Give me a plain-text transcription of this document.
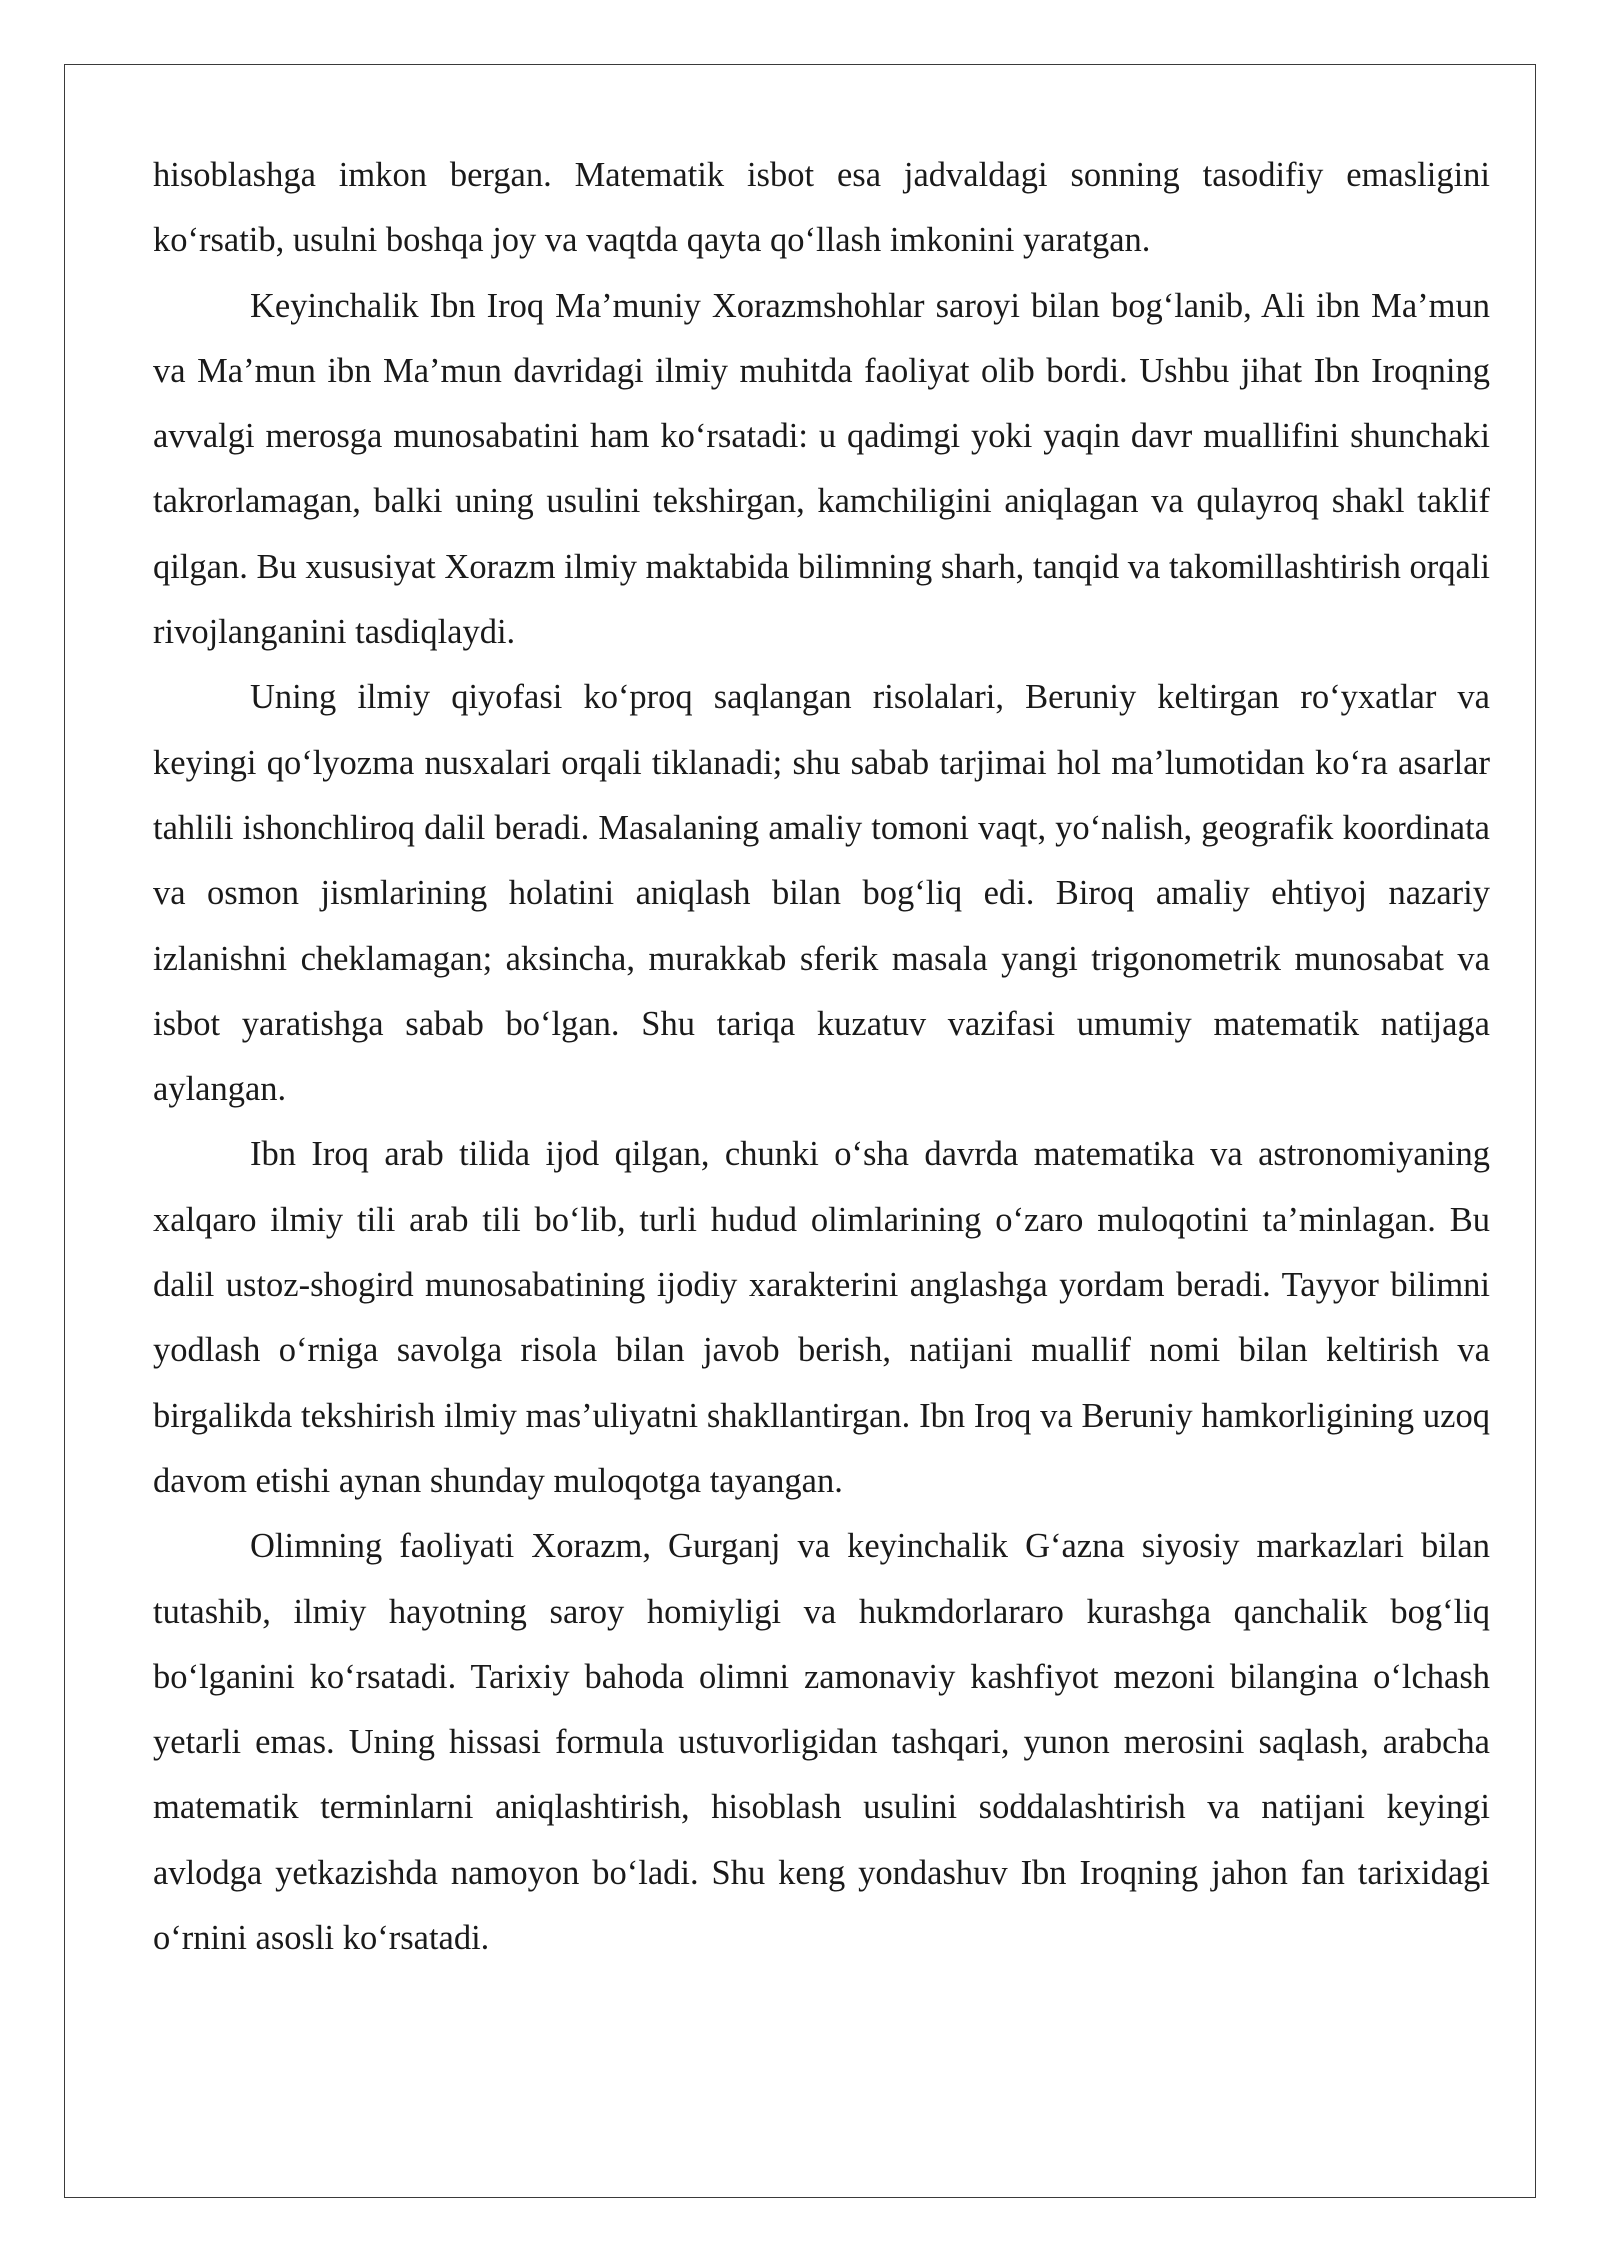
hisoblashga imkon bergan. Matematik isbot esa jadvaldagi sonning tasodifiy emasligini ko‘rsatib, usulni boshqa joy va vaqtda qayta qo‘llash imkonini yaratgan.

Keyinchalik Ibn Iroq Ma’muniy Xorazmshohlar saroyi bilan bog‘lanib, Ali ibn Ma’mun va Ma’mun ibn Ma’mun davridagi ilmiy muhitda faoliyat olib bordi. Ushbu jihat Ibn Iroqning avvalgi merosga munosabatini ham ko‘rsatadi: u qadimgi yoki yaqin davr muallifini shunchaki takrorlamagan, balki uning usulini tekshirgan, kamchiligini aniqlagan va qulayroq shakl taklif qilgan. Bu xususiyat Xorazm ilmiy maktabida bilimning sharh, tanqid va takomillashtirish orqali rivojlanganini tasdiqlaydi.

Uning ilmiy qiyofasi ko‘proq saqlangan risolalari, Beruniy keltirgan ro‘yxatlar va keyingi qo‘lyozma nusxalari orqali tiklanadi; shu sabab tarjimai hol ma’lumotidan ko‘ra asarlar tahlili ishonchliroq dalil beradi. Masalaning amaliy tomoni vaqt, yo‘nalish, geografik koordinata va osmon jismlarining holatini aniqlash bilan bog‘liq edi. Biroq amaliy ehtiyoj nazariy izlanishni cheklamagan; aksincha, murakkab sferik masala yangi trigonometrik munosabat va isbot yaratishga sabab bo‘lgan. Shu tariqa kuzatuv vazifasi umumiy matematik natijaga aylangan.

Ibn Iroq arab tilida ijod qilgan, chunki o‘sha davrda matematika va astronomiyaning xalqaro ilmiy tili arab tili bo‘lib, turli hudud olimlarining o‘zaro muloqotini ta’minlagan. Bu dalil ustoz-shogird munosabatining ijodiy xarakterini anglashga yordam beradi. Tayyor bilimni yodlash o‘rniga savolga risola bilan javob berish, natijani muallif nomi bilan keltirish va birgalikda tekshirish ilmiy mas’uliyatni shakllantirgan. Ibn Iroq va Beruniy hamkorligining uzoq davom etishi aynan shunday muloqotga tayangan.

Olimning faoliyati Xorazm, Gurganj va keyinchalik G‘azna siyosiy markazlari bilan tutashib, ilmiy hayotning saroy homiyligi va hukmdorlararo kurashga qanchalik bog‘liq bo‘lganini ko‘rsatadi. Tarixiy bahoda olimni zamonaviy kashfiyot mezoni bilangina o‘lchash yetarli emas. Uning hissasi formula ustuvorligidan tashqari, yunon merosini saqlash, arabcha matematik terminlarni aniqlashtirish, hisoblash usulini soddalashtirish va natijani keyingi avlodga yetkazishda namoyon bo‘ladi. Shu keng yondashuv Ibn Iroqning jahon fan tarixidagi o‘rnini asosli ko‘rsatadi.
